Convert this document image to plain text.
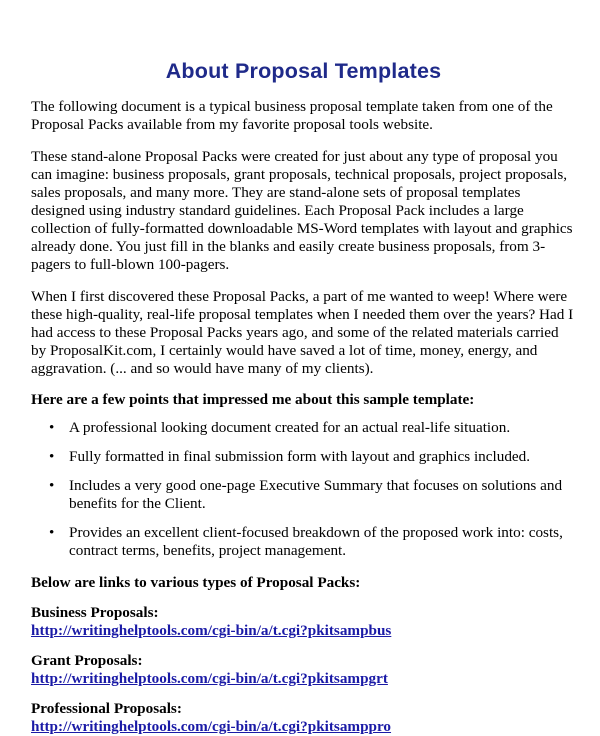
About Proposal Templates

The following document is a typical business proposal template taken from one of the Proposal Packs available from my favorite proposal tools website.

These stand-alone Proposal Packs were created for just about any type of proposal you can imagine: business proposals, grant proposals, technical proposals, project proposals, sales proposals, and many more. They are stand-alone sets of proposal templates designed using industry standard guidelines. Each Proposal Pack includes a large collection of fully-formatted downloadable MS-Word templates with layout and graphics already done. You just fill in the blanks and easily create business proposals, from 3-pagers to full-blown 100-pagers.

When I first discovered these Proposal Packs, a part of me wanted to weep! Where were these high-quality, real-life proposal templates when I needed them over the years? Had I had access to these Proposal Packs years ago, and some of the related materials carried by ProposalKit.com, I certainly would have saved a lot of time, money, energy, and aggravation. (... and so would have many of my clients).

Here are a few points that impressed me about this sample template:

• A professional looking document created for an actual real-life situation.
• Fully formatted in final submission form with layout and graphics included.
• Includes a very good one-page Executive Summary that focuses on solutions and benefits for the Client.
• Provides an excellent client-focused breakdown of the proposed work into: costs, contract terms, benefits, project management.

Below are links to various types of Proposal Packs:

Business Proposals:
http://writinghelptools.com/cgi-bin/a/t.cgi?pkitsampbus
Grant Proposals:
http://writinghelptools.com/cgi-bin/a/t.cgi?pkitsampgrt
Professional Proposals:
http://writinghelptools.com/cgi-bin/a/t.cgi?pkitsamppro
